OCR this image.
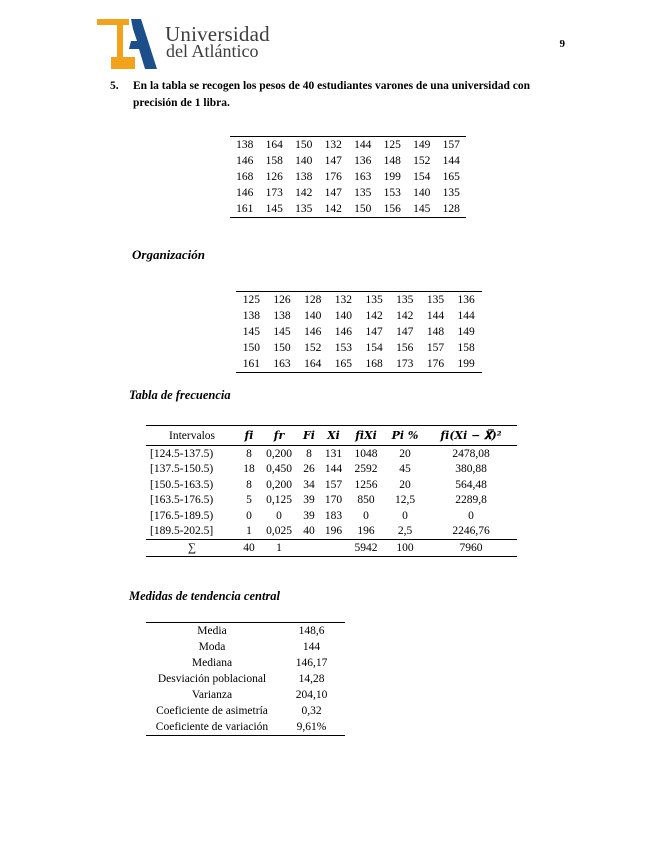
Universidad
del Atlántico	9
5.	En la tabla se recogen los pesos de 40 estudiantes varones de una universidad con precisión de 1 libra.
138	164	150	132	144	125	149	157
146	158	140	147	136	148	152	144
168	126	138	176	163	199	154	165
146	173	142	147	135	153	140	135
161	145	135	142	150	156	145	128
Organización
125	126	128	132	135	135	135	136
138	138	140	140	142	142	144	144
145	145	146	146	147	147	148	149
150	150	152	153	154	156	157	158
161	163	164	165	168	173	176	199
Tabla de frecuencia
Intervalos	𝒇𝒊	𝒇𝒓	𝑭𝒊	𝑿𝒊	𝒇𝒊𝑿𝒊	𝑷𝒊 %	𝒇𝒊(𝑿𝒊 − 𝐗̅)²
[124.5-137.5)	8	0,200	8	131	1048	20	2478,08
[137.5-150.5)	18	0,450	26	144	2592	45	380,88
[150.5-163.5)	8	0,200	34	157	1256	20	564,48
[163.5-176.5)	5	0,125	39	170	850	12,5	2289,8
[176.5-189.5)	0	0	39	183	0	0	0
[189.5-202.5]	1	0,025	40	196	196	2,5	2246,76
∑	40	1			5942	100	7960
Medidas de tendencia central
Media	148,6
Moda	144
Mediana	146,17
Desviación poblacional	14,28
Varianza	204,10
Coeficiente de asimetría	0,32
Coeficiente de variación	9,61%
